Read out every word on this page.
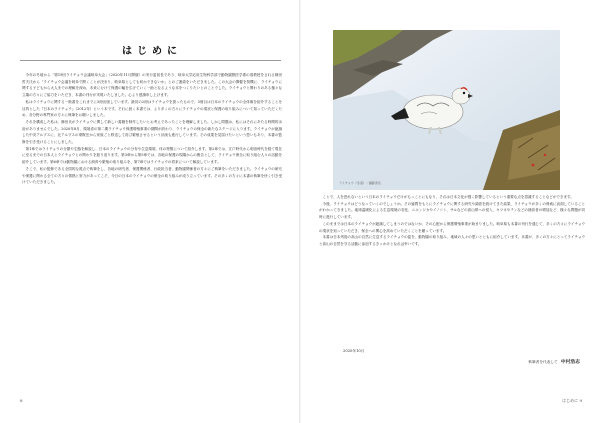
はじめに

今年の冬頃から「第19回ライチョウ会議岐阜大会」（2020年11月開催）の実行委員長であり、岐阜大学応用生物科学部で動物園獣医学系の准教授をされる榊田哲夫氏から「ライチョウ会議を岐阜で開くことが決まり、岐阜県としても何かできないか」とのご連絡をいただきました。この大会の開催を契機に、ライチョウに関する子どもから大人までの理解を深め、未来にむけて保護の輪を広げていく一助となるような本をつくりたいとのことでした。ライチョウと関わりのある様々な立場の方々にご協力をいただき、本書の刊行が実現いたしました。心より感謝申し上げます。

私はライチョウに関する一般書をこれまでに3冊出版しています。最初の2冊はライチョウを扱ったもので、3冊目は日本のライチョウの全体像を紹介することを目的とした『日本のライチョウ』（2012年）という本です。それに続く本書では、より多くの方々にライチョウの現状と保護の取り組みについて知っていただくため、各分野の専門家の方々に執筆をお願いしました。

それを構成した私は、榊田氏がライチョウに関して新しい書籍を制作したいとお考えであったことを理解しました。しかし問題は、私にはそれにあたる時間的余裕がありませんでした。2020年8月、環境省の第二期ライチョウ保護増殖事業の期間が終わり、ライチョウの保全の新たなステージに入ります。ライチョウが絶滅した中央アルプスに、北アルプスの乗鞍岳から家族ごと移送して再び繁殖させるという計画も進行しています。その成果を見届けたいという思いもあり、本書の監修を引き受けることにしました。

第1章ではライチョウの分類や生態を解説し、日本のライチョウの分布や生息環境、体の特徴について紹介します。第2章では、江戸時代から明治時代を経て現在に至るまでの日本人とライチョウとの関わりを振り返ります。第3章から第5章では、各地の保護の現場からの報告として、ライチョウ保全に取り組む人々の活動を紹介しています。第6章では動物園における飼育や繁殖の取り組みを、第7章ではライチョウの将来について解説しています。

そこで、私の監修である全国的な視点で執筆をし、各地の研究者、保護関係者、行政担当者、動物園関係者の方々にご執筆をいただきました。ライチョウの研究や保護に関わる全ての方々の情熱と努力があってこそ、今日の日本のライチョウの保全の取り組みが成り立っています。その多くの方々に本書の執筆を快く引き受けていただきました。

8
ライチョウ（冬羽）／撮影者名

ことで、人を恐れないという日本のライチョウだけがもっことにもなり、それは日本文化が強く影響しているという重要な点を認識することなどができます。

今後、ライチョウはどうなっていくのでしょうか。その疑問をもとにライチョウに関する研究や調査を続けてきた結果、ライチョウが多くの脅威に直面していることがわかってきました。地球温暖化による生息環境の変化、ニホンジカやイノシシ、サルなどの高山帯への侵入、キツネやテンなどの捕食者の増加など、様々な問題が同時に進行しています。

このままでは日本のライチョウが絶滅してしまうのではないか、その心配から保護増殖事業が始まりました。岐阜県も本書の刊行を通じて、多くの方々にライチョウの現状を知っていただき、保全への関心を高めていただくことを願っています。

本書は日本列島の高山の自然に生息するライチョウの姿を、動物園の取り組み、地域の人々の思いとともに紹介しています。本書が、多くの方々にとってライチョウと高山の自然を守る活動に参加するきっかけとなれば幸いです。

2020年10月
執筆者を代表して 中村浩志
はじめに 9
